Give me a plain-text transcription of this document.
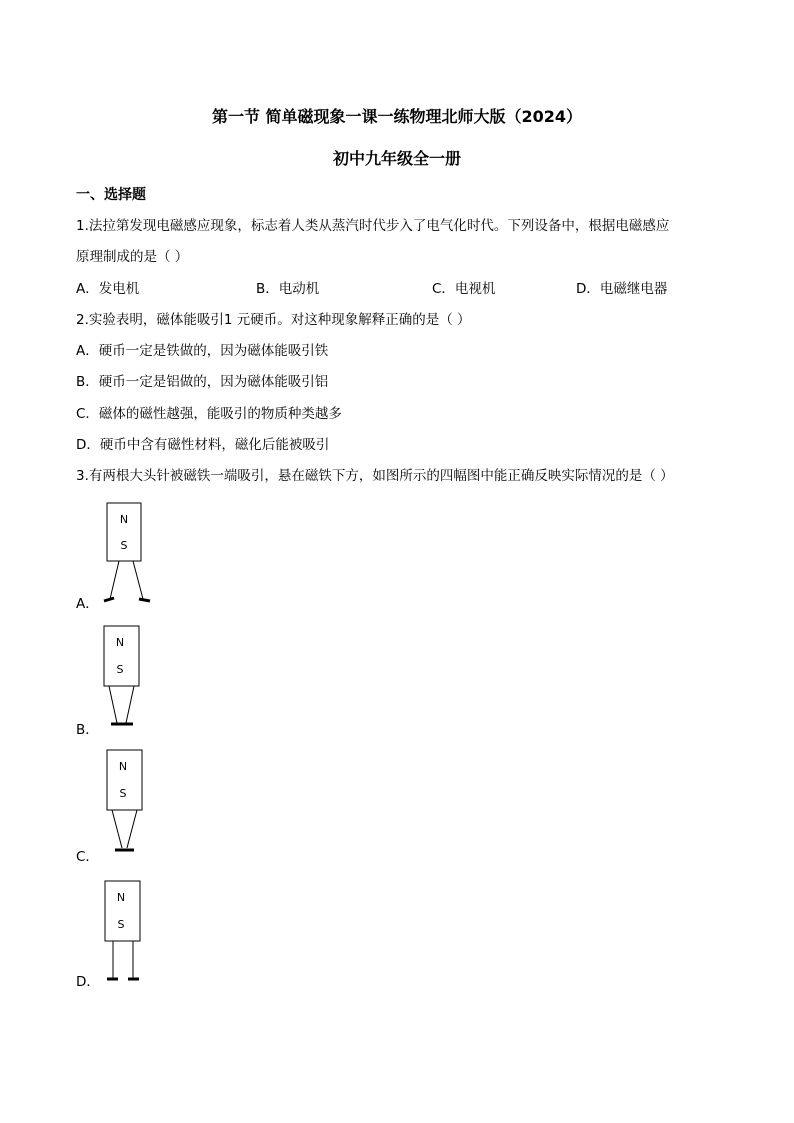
第一节 简单磁现象一课一练物理北师大版（2024）
初中九年级全一册
一、选择题
1.法拉第发现电磁感应现象，标志着人类从蒸汽时代步入了电气化时代。下列设备中，根据电磁感应
原理制成的是（ ）
A．发电机	B．电动机	C．电视机	D．电磁继电器
2.实验表明，磁体能吸引1 元硬币。对这种现象解释正确的是（ ）
A．硬币一定是铁做的，因为磁体能吸引铁
B．硬币一定是铝做的，因为磁体能吸引铝
C．磁体的磁性越强，能吸引的物质种类越多
D．硬币中含有磁性材料，磁化后能被吸引
3.有两根大头针被磁铁一端吸引，悬在磁铁下方，如图所示的四幅图中能正确反映实际情况的是（ ）
A．
N
S
B．
N
S
C．
N
S
D．
N
S
